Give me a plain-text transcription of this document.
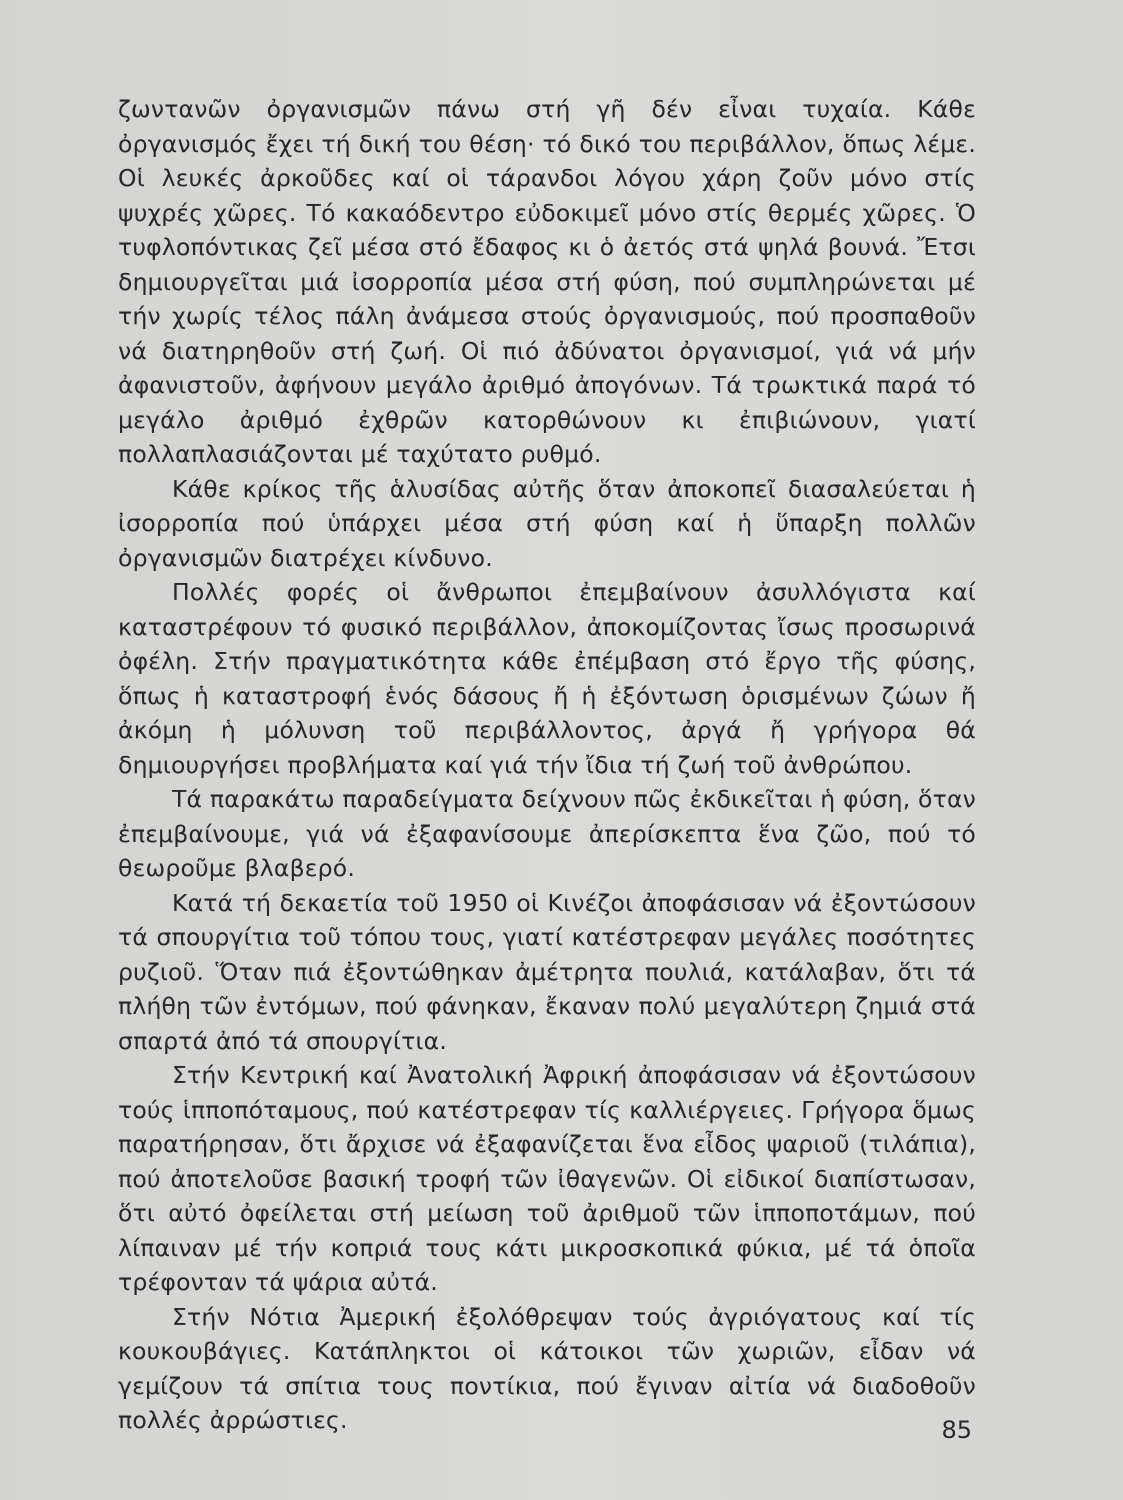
ζωντανῶν ὀργανισμῶν πάνω στή γῆ δέν εἶναι τυχαία. Κάθε ὀργανισμός ἔχει τή δική του θέση· τό δικό του περιβάλλον, ὅπως λέμε. Οἱ λευκές ἀρκοῦδες καί οἱ τάρανδοι λόγου χάρη ζοῦν μόνο στίς ψυχρές χῶρες. Τό κακαόδεντρο εὐδοκιμεῖ μόνο στίς θερμές χῶρες. Ὁ τυφλοπόντικας ζεῖ μέσα στό ἔδαφος κι ὁ ἀετός στά ψηλά βουνά. Ἔτσι δημιουργεῖται μιά ἰσορροπία μέσα στή φύση, πού συμπληρώνεται μέ τήν χωρίς τέλος πάλη ἀνάμεσα στούς ὀργανισμούς, πού προσπαθοῦν νά διατηρηθοῦν στή ζωή. Οἱ πιό ἀδύνατοι ὀργανισμοί, γιά νά μήν ἀφανιστοῦν, ἀφήνουν μεγάλο ἀριθμό ἀπογόνων. Τά τρωκτικά παρά τό μεγάλο ἀριθμό ἐχθρῶν κατορθώνουν κι ἐπιβιώνουν, γιατί πολλαπλασιάζονται μέ ταχύτατο ρυθμό.

Κάθε κρίκος τῆς ἁλυσίδας αὐτῆς ὅταν ἀποκοπεῖ διασαλεύεται ἡ ἰσορροπία πού ὑπάρχει μέσα στή φύση καί ἡ ὕπαρξη πολλῶν ὀργανισμῶν διατρέχει κίνδυνο.

Πολλές φορές οἱ ἄνθρωποι ἐπεμβαίνουν ἀσυλλόγιστα καί καταστρέφουν τό φυσικό περιβάλλον, ἀποκομίζοντας ἴσως προσωρινά ὀφέλη. Στήν πραγματικότητα κάθε ἐπέμβαση στό ἔργο τῆς φύσης, ὅπως ἡ καταστροφή ἑνός δάσους ἤ ἡ ἐξόντωση ὁρισμένων ζώων ἤ ἀκόμη ἡ μόλυνση τοῦ περιβάλλοντος, ἀργά ἤ γρήγορα θά δημιουργήσει προβλήματα καί γιά τήν ἴδια τή ζωή τοῦ ἀνθρώπου.

Τά παρακάτω παραδείγματα δείχνουν πῶς ἐκδικεῖται ἡ φύση, ὅταν ἐπεμβαίνουμε, γιά νά ἐξαφανίσουμε ἀπερίσκεπτα ἕνα ζῶο, πού τό θεωροῦμε βλαβερό.

Κατά τή δεκαετία τοῦ 1950 οἱ Κινέζοι ἀποφάσισαν νά ἐξοντώσουν τά σπουργίτια τοῦ τόπου τους, γιατί κατέστρεφαν μεγάλες ποσότητες ρυζιοῦ. Ὅταν πιά ἐξοντώθηκαν ἀμέτρητα πουλιά, κατάλαβαν, ὅτι τά πλήθη τῶν ἐντόμων, πού φάνηκαν, ἔκαναν πολύ μεγαλύτερη ζημιά στά σπαρτά ἀπό τά σπουργίτια.

Στήν Κεντρική καί Ἀνατολική Ἀφρική ἀποφάσισαν νά ἐξοντώσουν τούς ἱπποπόταμους, πού κατέστρεφαν τίς καλλιέργειες. Γρήγορα ὅμως παρατήρησαν, ὅτι ἄρχισε νά ἐξαφανίζεται ἕνα εἶδος ψαριοῦ (τιλάπια), πού ἀποτελοῦσε βασική τροφή τῶν ἰθαγενῶν. Οἱ εἰδικοί διαπίστωσαν, ὅτι αὐτό ὀφείλεται στή μείωση τοῦ ἀριθμοῦ τῶν ἱπποποτάμων, πού λίπαιναν μέ τήν κοπριά τους κάτι μικροσκοπικά φύκια, μέ τά ὁποῖα τρέφονταν τά ψάρια αὐτά.

Στήν Νότια Ἀμερική ἐξολόθρεψαν τούς ἀγριόγατους καί τίς κουκουβάγιες. Κατάπληκτοι οἱ κάτοικοι τῶν χωριῶν, εἶδαν νά γεμίζουν τά σπίτια τους ποντίκια, πού ἔγιναν αἰτία νά διαδοθοῦν πολλές ἀρρώστιες.	85
